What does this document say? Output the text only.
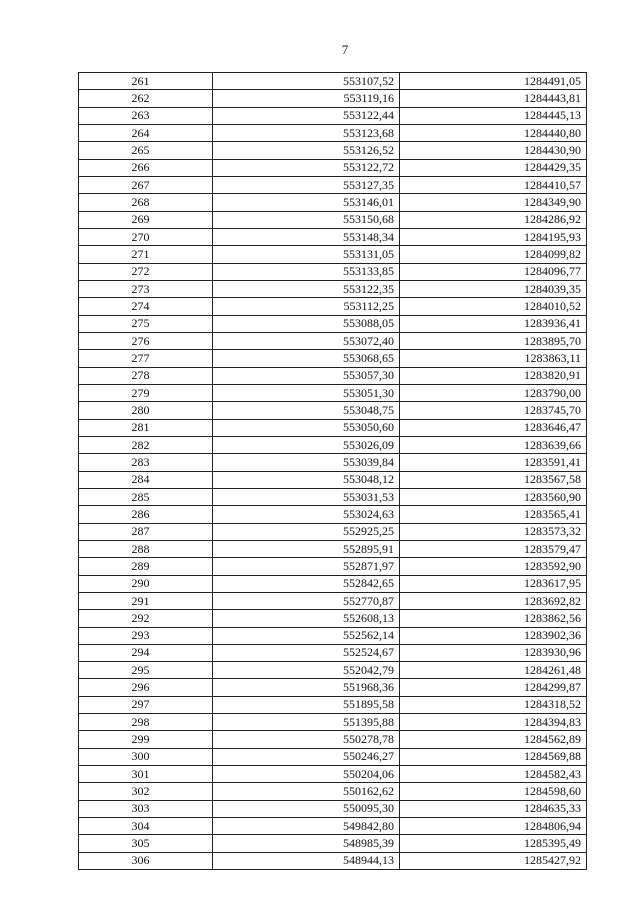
7
261	553107,52	1284491,05
262	553119,16	1284443,81
263	553122,44	1284445,13
264	553123,68	1284440,80
265	553126,52	1284430,90
266	553122,72	1284429,35
267	553127,35	1284410,57
268	553146,01	1284349,90
269	553150,68	1284286,92
270	553148,34	1284195,93
271	553131,05	1284099,82
272	553133,85	1284096,77
273	553122,35	1284039,35
274	553112,25	1284010,52
275	553088,05	1283936,41
276	553072,40	1283895,70
277	553068,65	1283863,11
278	553057,30	1283820,91
279	553051,30	1283790,00
280	553048,75	1283745,70
281	553050,60	1283646,47
282	553026,09	1283639,66
283	553039,84	1283591,41
284	553048,12	1283567,58
285	553031,53	1283560,90
286	553024,63	1283565,41
287	552925,25	1283573,32
288	552895,91	1283579,47
289	552871,97	1283592,90
290	552842,65	1283617,95
291	552770,87	1283692,82
292	552608,13	1283862,56
293	552562,14	1283902,36
294	552524,67	1283930,96
295	552042,79	1284261,48
296	551968,36	1284299,87
297	551895,58	1284318,52
298	551395,88	1284394,83
299	550278,78	1284562,89
300	550246,27	1284569,88
301	550204,06	1284582,43
302	550162,62	1284598,60
303	550095,30	1284635,33
304	549842,80	1284806,94
305	548985,39	1285395,49
306	548944,13	1285427,92
